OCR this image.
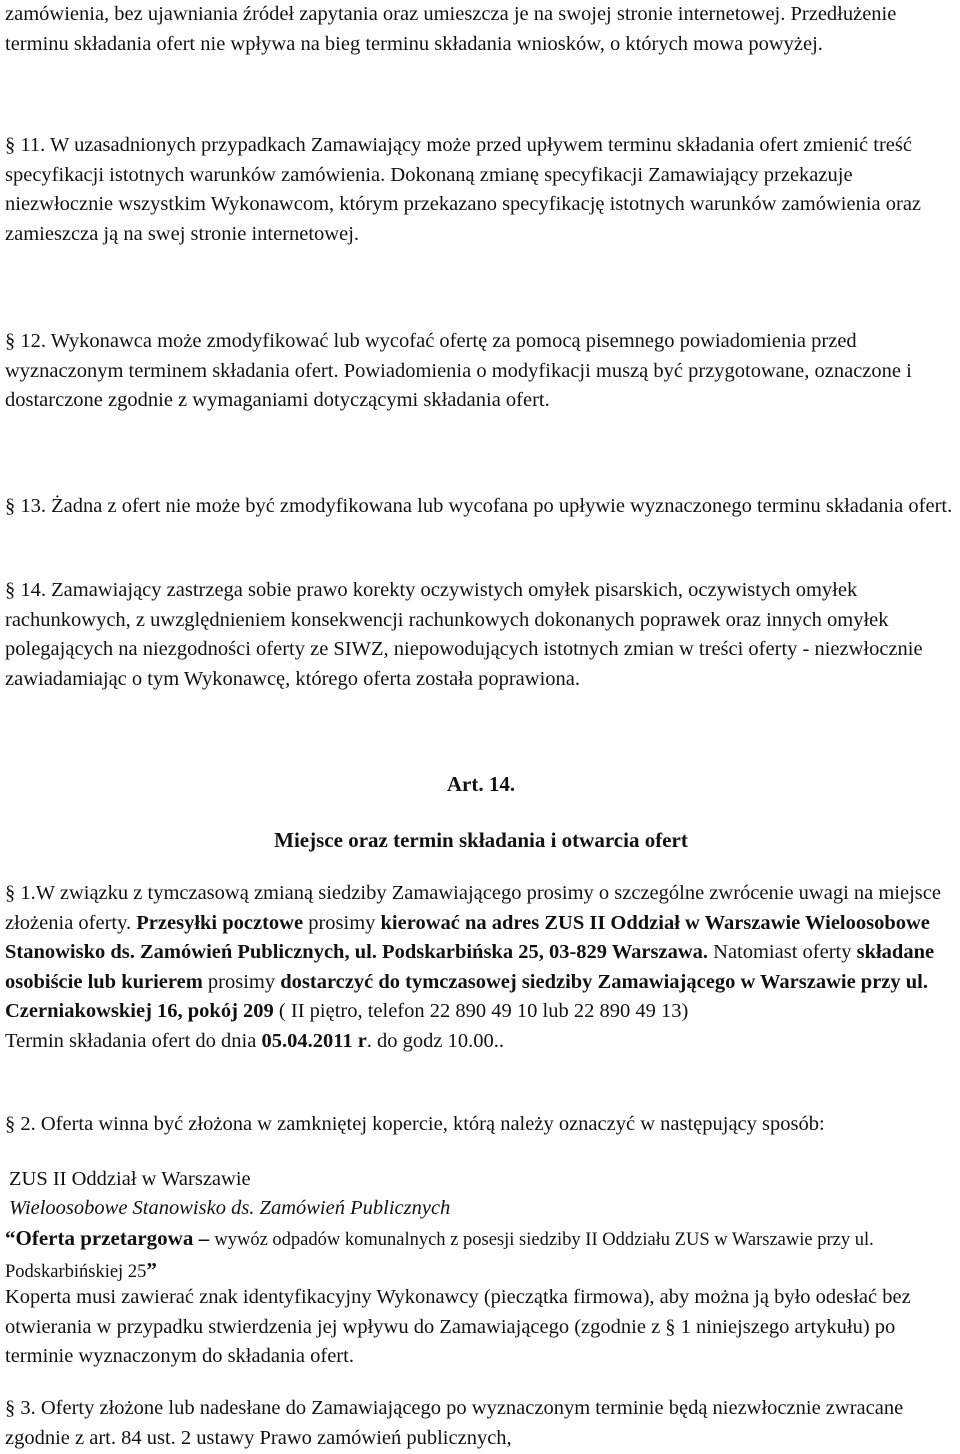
zamówienia, bez ujawniania źródeł zapytania oraz umieszcza je na swojej stronie internetowej. Przedłużenie terminu składania ofert nie wpływa na bieg terminu składania wniosków, o których mowa powyżej.

§ 11. W uzasadnionych przypadkach Zamawiający może przed upływem terminu składania ofert zmienić treść specyfikacji istotnych warunków zamówienia. Dokonaną zmianę specyfikacji Zamawiający przekazuje niezwłocznie wszystkim Wykonawcom, którym przekazano specyfikację istotnych warunków zamówienia oraz zamieszcza ją na swej stronie internetowej.

§ 12. Wykonawca może zmodyfikować lub wycofać ofertę za pomocą pisemnego powiadomienia przed wyznaczonym terminem składania ofert. Powiadomienia o modyfikacji muszą być przygotowane, oznaczone i dostarczone zgodnie z wymaganiami dotyczącymi składania ofert.

§ 13. Żadna z ofert nie może być zmodyfikowana lub wycofana po upływie wyznaczonego terminu składania ofert.

§ 14. Zamawiający zastrzega sobie prawo korekty oczywistych omyłek pisarskich, oczywistych omyłek rachunkowych, z uwzględnieniem konsekwencji rachunkowych dokonanych poprawek oraz innych omyłek polegających na niezgodności oferty ze SIWZ, niepowodujących istotnych zmian w treści oferty - niezwłocznie zawiadamiając o tym Wykonawcę, którego oferta została poprawiona.

Art. 14.

Miejsce oraz termin składania i otwarcia ofert

§ 1.W związku z tymczasową zmianą siedziby Zamawiającego prosimy o szczególne zwrócenie uwagi na miejsce złożenia oferty. Przesyłki pocztowe prosimy kierować na adres ZUS II Oddział w Warszawie Wieloosobowe Stanowisko ds. Zamówień Publicznych, ul. Podskarbińska 25, 03-829 Warszawa. Natomiast oferty składane osobiście lub kurierem prosimy dostarczyć do tymczasowej siedziby Zamawiającego w Warszawie przy ul. Czerniakowskiej 16, pokój 209 ( II piętro, telefon 22 890 49 10 lub 22 890 49 13)
Termin składania ofert do dnia 05.04.2011 r. do godz 10.00..

§ 2. Oferta winna być złożona w zamkniętej kopercie, którą należy oznaczyć w następujący sposób:

ZUS II Oddział w Warszawie

Wieloosobowe Stanowisko ds. Zamówień Publicznych

“Oferta przetargowa – wywóz odpadów komunalnych z posesji siedziby II Oddziału ZUS w Warszawie przy ul. Podskarbińskiej 25”

Koperta musi zawierać znak identyfikacyjny Wykonawcy (pieczątka firmowa), aby można ją było odesłać bez otwierania w przypadku stwierdzenia jej wpływu do Zamawiającego (zgodnie z § 1 niniejszego artykułu) po terminie wyznaczonym do składania ofert.

§ 3. Oferty złożone lub nadesłane do Zamawiającego po wyznaczonym terminie będą niezwłocznie zwracane zgodnie z art. 84 ust. 2 ustawy Prawo zamówień publicznych,
